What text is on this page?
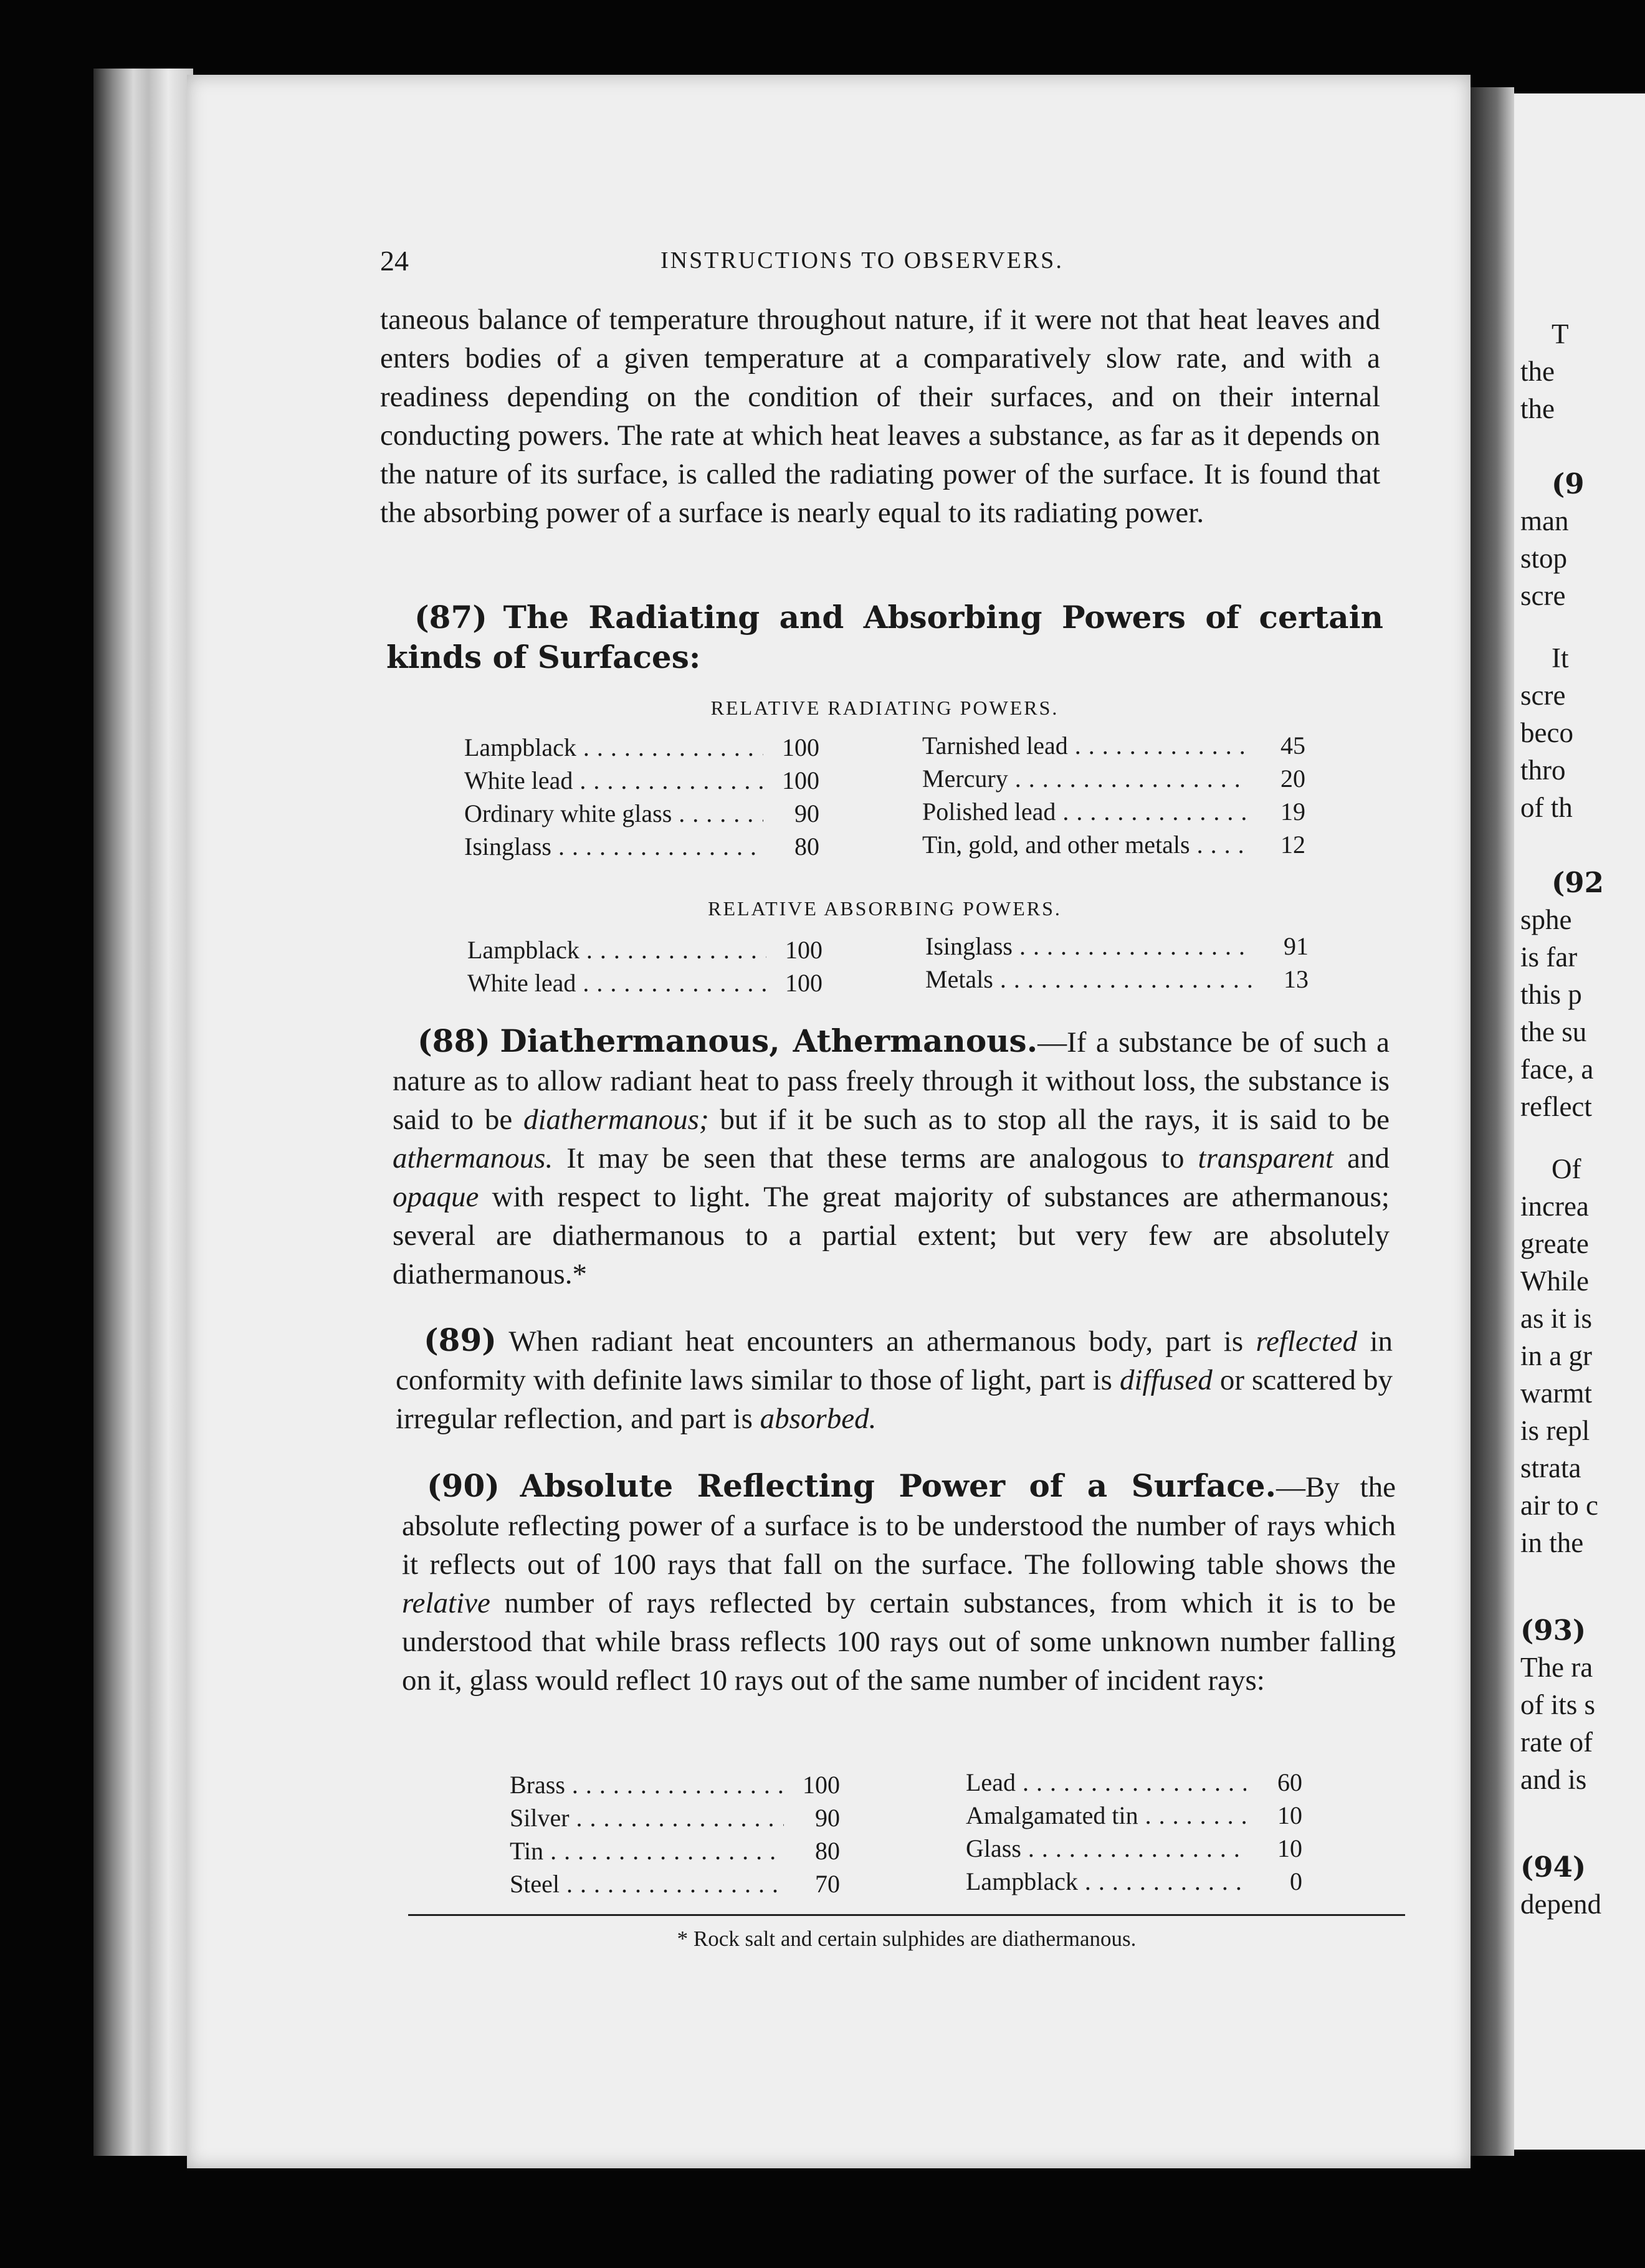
T
the
the
(9
man
stop
scre
It
scre
beco
thro
of th
(92
sphe
is far
this p
the su
face, a
reflect
Of
increa
greate
While
as it is
in a gr
warmt
is repl
strata
air to c
in the
(93)
The ra
of its s
rate of
and is
(94)
depend
24	INSTRUCTIONS TO OBSERVERS.

taneous balance of temperature throughout nature, if it were not that heat leaves and enters bodies of a given temperature at a comparatively slow rate, and with a readiness depending on the condition of their surfaces, and on their internal conducting powers. The rate at which heat leaves a substance, as far as it depends on the nature of its surface, is called the radiating power of the surface. It is found that the absorbing power of a surface is nearly equal to its radiating power.

(87) The Radiating and Absorbing Powers of certain kinds of Surfaces:

RELATIVE RADIATING POWERS.
Lampblack . . .	100
White lead . . .	100
Ordinary white glass . . .	90
Isinglass . . .	80
Tarnished lead . . .	45
Mercury . . .	20
Polished lead . . .	19
Tin, gold, and other metals . . .	12
RELATIVE ABSORBING POWERS.
Lampblack . . .	100
White lead . . .	100
Isinglass . . .	91
Metals . . .	13

(88) Diathermanous, Athermanous.—If a substance be of such a nature as to allow radiant heat to pass freely through it without loss, the substance is said to be diathermanous; but if it be such as to stop all the rays, it is said to be athermanous. It may be seen that these terms are analogous to transparent and opaque with respect to light. The great majority of substances are athermanous; several are diathermanous to a partial extent; but very few are absolutely diathermanous.*

(89) When radiant heat encounters an athermanous body, part is reflected in conformity with definite laws similar to those of light, part is diffused or scattered by irregular reflection, and part is absorbed.

(90) Absolute Reflecting Power of a Surface.—By the absolute reflecting power of a surface is to be understood the number of rays which it reflects out of 100 rays that fall on the surface. The following table shows the relative number of rays reflected by certain substances, from which it is to be understood that while brass reflects 100 rays out of some unknown number falling on it, glass would reflect 10 rays out of the same number of incident rays:

Brass . . .	100
Silver . . .	90
Tin . . .	80
Steel . . .	70
Lead . . .	60
Amalgamated tin . . .	10
Glass . . .	10
Lampblack . . .	0
* Rock salt and certain sulphides are diathermanous.
